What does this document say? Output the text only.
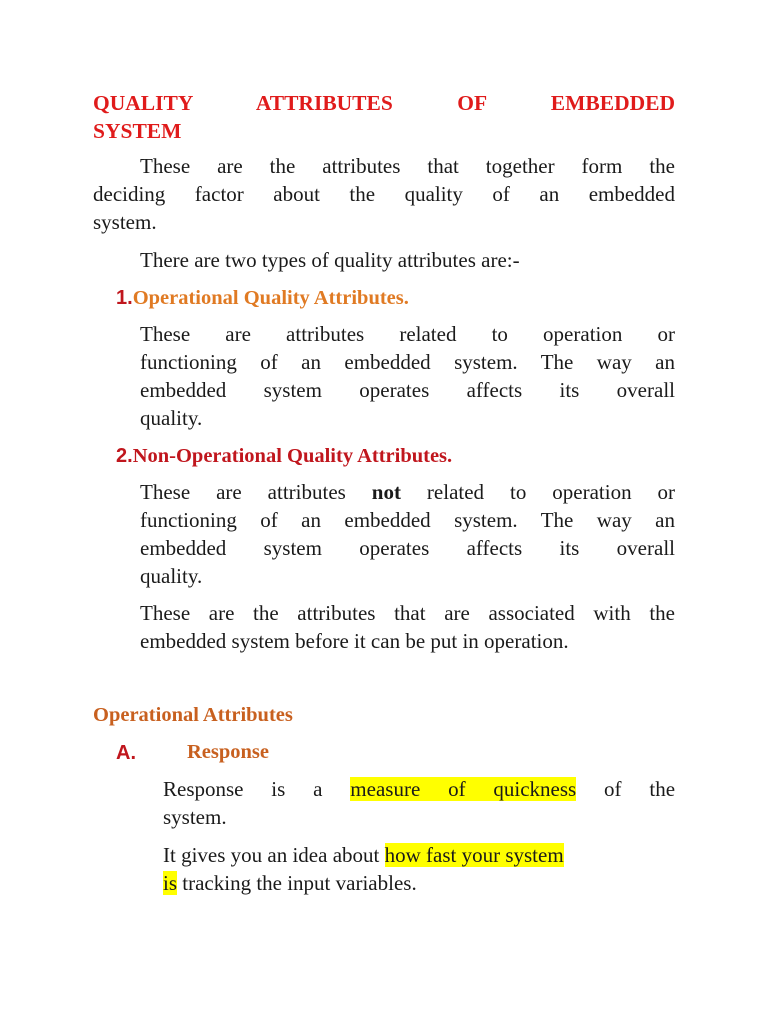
QUALITY	ATTRIBUTES	OF	EMBEDDED
SYSTEM
These are the attributes that together form the
deciding factor about the quality of an embedded
system.
There are two types of quality attributes are:-
1.Operational Quality Attributes.
These are attributes related to operation or
functioning of an embedded system. The way an
embedded system operates affects its overall
quality.
2.Non-Operational Quality Attributes.
These are attributes not related to operation or
functioning of an embedded system. The way an
embedded system operates affects its overall
quality.
These are the attributes that are associated with the
embedded system before it can be put in operation.
Operational Attributes
A. Response
Response is a measure of quickness of the
system.
It gives you an idea about how fast your system
is tracking the input variables.
